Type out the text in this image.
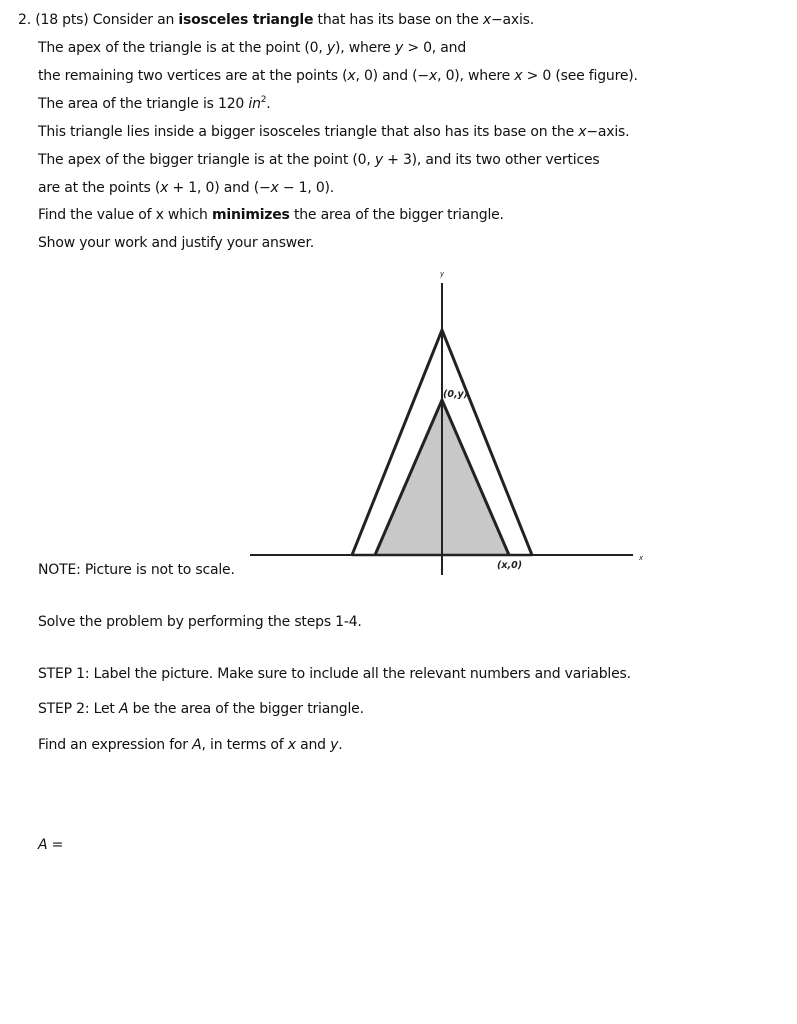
2. (18 pts) Consider an isosceles triangle that has its base on the x−axis.
The apex of the triangle is at the point (0, y), where y > 0, and
the remaining two vertices are at the points (x, 0) and (−x, 0), where x > 0 (see figure).
The area of the triangle is 120 $in^2$.
This triangle lies inside a bigger isosceles triangle that also has its base on the x−axis.
The apex of the bigger triangle is at the point (0, y + 3), and its two other vertices
are at the points (x + 1, 0) and (−x − 1, 0).
Find the value of x which minimizes the area of the bigger triangle.
Show your work and justify your answer.
y
x
(0,y)
(x,0)
NOTE: Picture is not to scale.
Solve the problem by performing the steps 1-4.
STEP 1: Label the picture. Make sure to include all the relevant numbers and variables.
STEP 2: Let A be the area of the bigger triangle.
Find an expression for A, in terms of x and y.
A =
